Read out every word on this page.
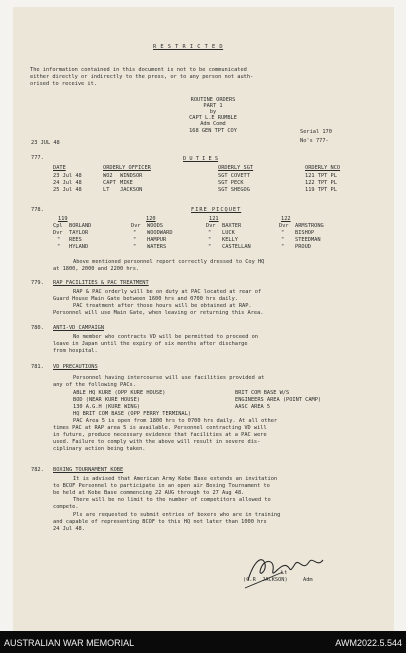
R E S T R I C T E D
The information contained in this document is not to be communicated
either directly or indirectly to the press, or to any person not auth-
orised to receive it.
ROUTINE ORDERS
PART 1
by
CAPT L.E RUMBLE
Adm Comd
168 GEN TPT COY
23 JUL 48
Serial 170
No's 777-
777.	D U T I E S
DATE	ORDERLY OFFICER	ORDERLY SGT	ORDERLY NCO
23 Jul 48	WO2 WINDSOR	SGT COVETT	121 TPT PL
24 Jul 48	CAPT MIKE	SGT PECK	122 TPT PL
25 Jul 48	LT JACKSON	SGT SHEGOG	119 TPT PL
778.	FIRE PICQUET
119	120	121	122
Cpl BORLAND	Dvr WOODS	Dvr BAXTER	Dvr ARMSTRONG
Dvr TAYLOR	" WOODWARD	" LUCK	" BISHOP
" REES	" HAMPUR	" KELLY	" STEEDMAN
" HYLAND	" WATERS	" CASTELLAN	" PROUD
Above mentioned personnel report correctly dressed to Coy HQ
at 1800, 2000 and 2200 hrs.
779. RAP FACILITIES & PAC TREATMENT
RAP & PAC orderly will be on duty at PAC located at rear of
Guard House Main Gate between 1600 hrs and 0700 hrs daily.
PAC treatment after those hours will be obtained at RAP.
Personnel will use Main Gate, when leaving or returning this Area.
780. ANTI-VD CAMPAIGN
No member who contracts VD will be permitted to proceed on
leave in Japan until the expiry of six months after discharge
from hospital.
781. VD PRECAUTIONS
Personnel having intercourse will use facilities provided at
any of the following PACs.
ABLE HQ KURE (OPP KURE HOUSE)
BOD (NEAR KURE HOUSE)
130 A.G.H (KURE WING)
HQ BRIT COM BASE (OPP FERRY TERMINAL)
BRIT COM BASE W/S
ENGINEERS AREA (POINT CAMP)
AASC AREA 5
PAC Area 5 is open from 1800 hrs to 0700 hrs daily. At all other
times PAC at RAP area 5 is available. Personnel contracting VD will
in future, produce necessary evidence that facilities at a PAC were
used. Failure to comply with the above will result in severe dis-
ciplinary action being taken.
782. BOXING TOURNAMENT KOBE
It is advised that American Army Kobe Base extends an invitation
to BCOF Personnel to participate in an open air Boxing Tournament to
be held at Kobe Base commencing 22 AUG through to 27 Aug 48.
There will be no limit to the number of competitors allowed to
compete.
Pls are requested to submit entries of boxers who are in training
and capable of representing BCOF to this HQ not later than 1000 hrs
24 Jul 48.
Lt
(G.R  JACKSON)	Adm
AUSTRALIAN WAR MEMORIAL	AWM2022.5.544
